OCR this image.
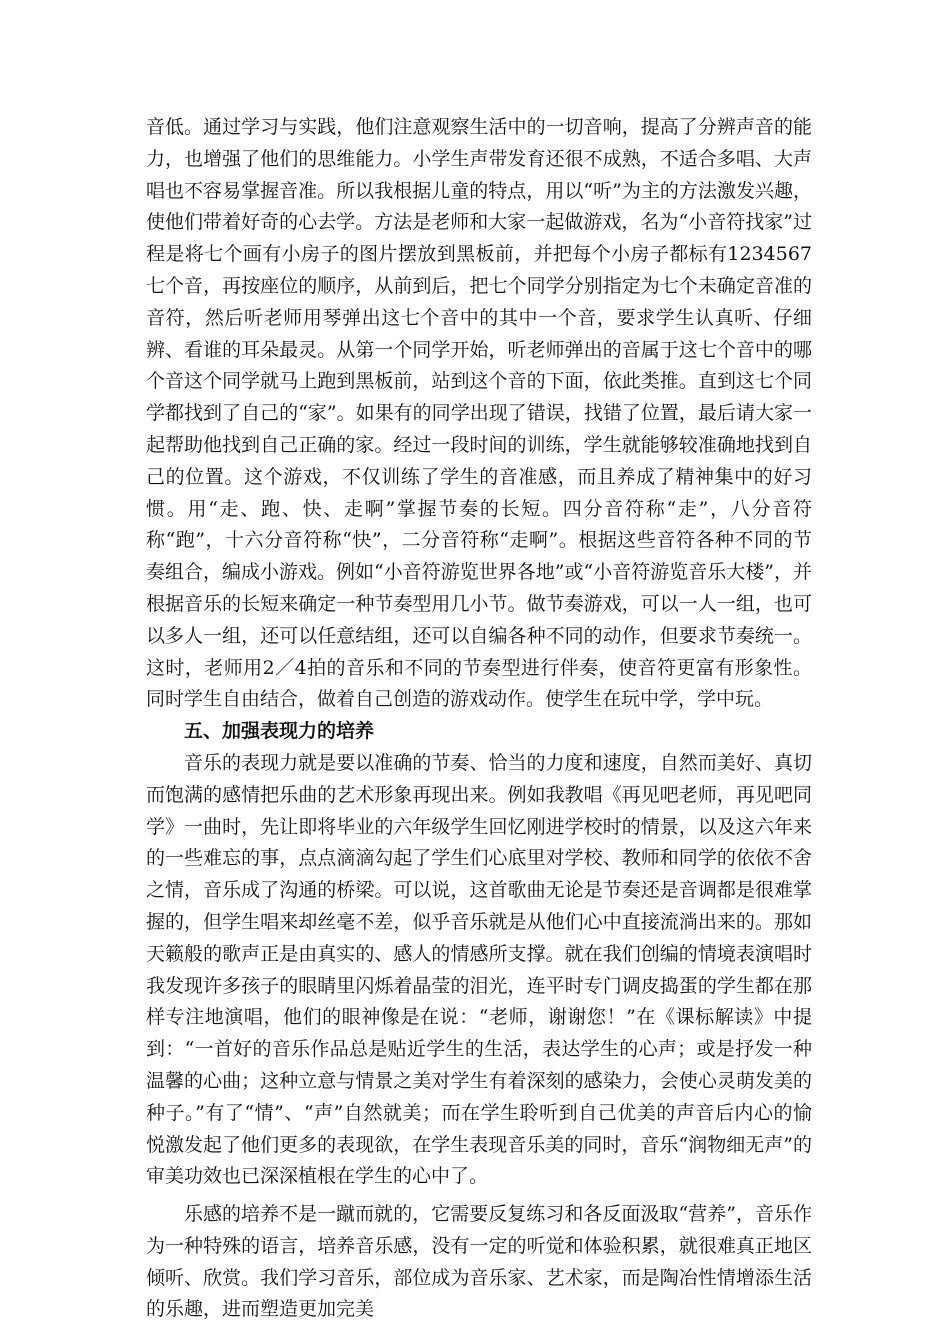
音低。通过学习与实践，他们注意观察生活中的一切音响，提高了分辨声音的能力，也增强了他们的思维能力。小学生声带发育还很不成熟，不适合多唱、大声唱也不容易掌握音准。所以我根据儿童的特点，用以“听”为主的方法激发兴趣，使他们带着好奇的心去学。方法是老师和大家一起做游戏，名为“小音符找家”过程是将七个画有小房子的图片摆放到黑板前，并把每个小房子都标有1234567七个音，再按座位的顺序，从前到后，把七个同学分别指定为七个未确定音准的音符，然后听老师用琴弹出这七个音中的其中一个音，要求学生认真听、仔细辨、看谁的耳朵最灵。从第一个同学开始，听老师弹出的音属于这七个音中的哪个音这个同学就马上跑到黑板前，站到这个音的下面，依此类推。直到这七个同学都找到了自己的“家”。如果有的同学出现了错误，找错了位置，最后请大家一起帮助他找到自己正确的家。经过一段时间的训练，学生就能够较准确地找到自己的位置。这个游戏，不仅训练了学生的音准感，而且养成了精神集中的好习惯。用“走、跑、快、走啊”掌握节奏的长短。四分音符称“走”，八分音符称“跑”，十六分音符称“快”，二分音符称“走啊”。根据这些音符各种不同的节奏组合，编成小游戏。例如“小音符游览世界各地”或“小音符游览音乐大楼”，并根据音乐的长短来确定一种节奏型用几小节。做节奏游戏，可以一人一组，也可以多人一组，还可以任意结组，还可以自编各种不同的动作，但要求节奏统一。这时，老师用2／4拍的音乐和不同的节奏型进行伴奏，使音符更富有形象性。同时学生自由结合，做着自己创造的游戏动作。使学生在玩中学，学中玩。

五、加强表现力的培养

音乐的表现力就是要以准确的节奏、恰当的力度和速度，自然而美好、真切而饱满的感情把乐曲的艺术形象再现出来。例如我教唱《再见吧老师，再见吧同学》一曲时，先让即将毕业的六年级学生回忆刚进学校时的情景，以及这六年来的一些难忘的事，点点滴滴勾起了学生们心底里对学校、教师和同学的依依不舍之情，音乐成了沟通的桥梁。可以说，这首歌曲无论是节奏还是音调都是很难掌握的，但学生唱来却丝毫不差，似乎音乐就是从他们心中直接流淌出来的。那如天籁般的歌声正是由真实的、感人的情感所支撑。就在我们创编的情境表演唱时我发现许多孩子的眼睛里闪烁着晶莹的泪光，连平时专门调皮捣蛋的学生都在那样专注地演唱，他们的眼神像是在说：“老师，谢谢您！”在《课标解读》中提到：“一首好的音乐作品总是贴近学生的生活，表达学生的心声；或是抒发一种温馨的心曲；这种立意与情景之美对学生有着深刻的感染力，会使心灵萌发美的种子。”有了“情”、“声”自然就美；而在学生聆听到自己优美的声音后内心的愉悦激发起了他们更多的表现欲，在学生表现音乐美的同时，音乐“润物细无声”的审美功效也已深深植根在学生的心中了。

乐感的培养不是一蹴而就的，它需要反复练习和各反面汲取“营养”，音乐作为一种特殊的语言，培养音乐感，没有一定的听觉和体验积累，就很难真正地区倾听、欣赏。我们学习音乐，部位成为音乐家、艺术家，而是陶冶性情增添生活的乐趣，进而塑造更加完美
